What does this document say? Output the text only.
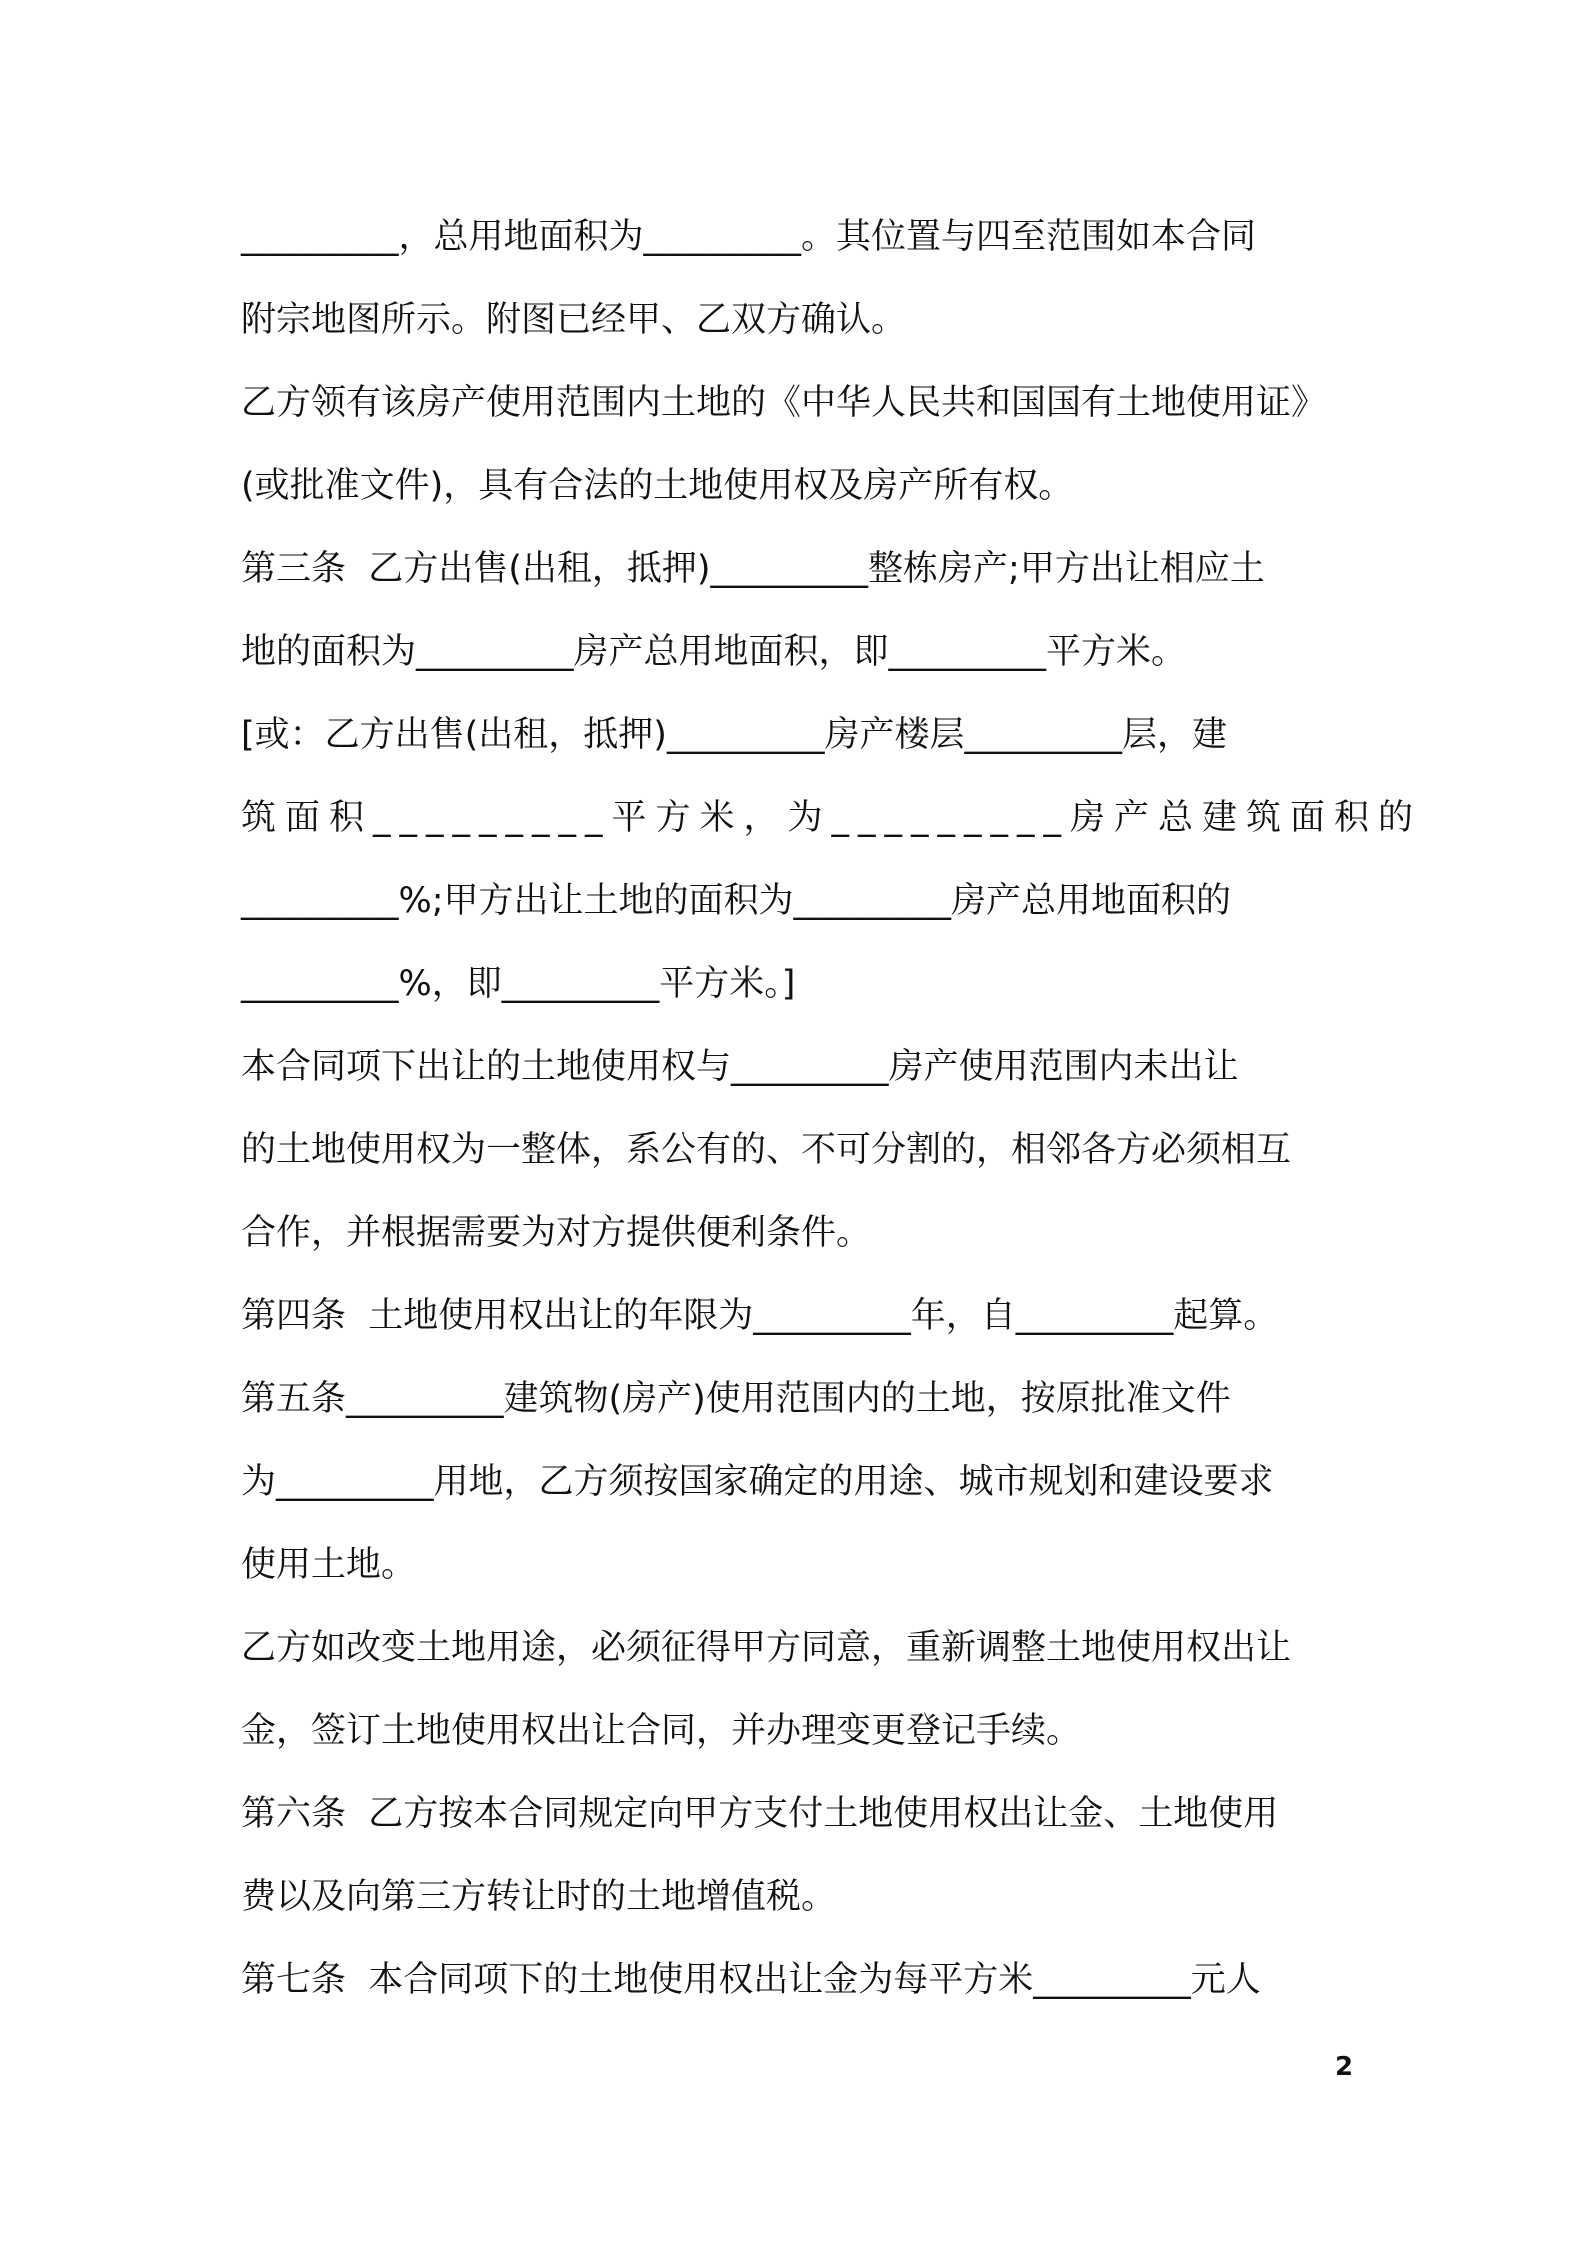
_________，总用地面积为_________。其位置与四至范围如本合同
附宗地图所示。附图已经甲、乙双方确认。
乙方领有该房产使用范围内土地的《中华人民共和国国有土地使用证》
(或批准文件)，具有合法的土地使用权及房产所有权。
第三条  乙方出售(出租，抵押)_________整栋房产;甲方出让相应土
地的面积为_________房产总用地面积，即_________平方米。
[或：乙方出售(出租，抵押)_________房产楼层_________层，建
筑面积_________平方米，为_________房产总建筑面积的
_________%;甲方出让土地的面积为_________房产总用地面积的
_________%，即_________平方米。]
本合同项下出让的土地使用权与_________房产使用范围内未出让
的土地使用权为一整体，系公有的、不可分割的，相邻各方必须相互
合作，并根据需要为对方提供便利条件。
第四条  土地使用权出让的年限为_________年，自_________起算。
第五条_________建筑物(房产)使用范围内的土地，按原批准文件
为_________用地，乙方须按国家确定的用途、城市规划和建设要求
使用土地。
乙方如改变土地用途，必须征得甲方同意，重新调整土地使用权出让
金，签订土地使用权出让合同，并办理变更登记手续。
第六条  乙方按本合同规定向甲方支付土地使用权出让金、土地使用
费以及向第三方转让时的土地增值税。
第七条  本合同项下的土地使用权出让金为每平方米_________元人
2
